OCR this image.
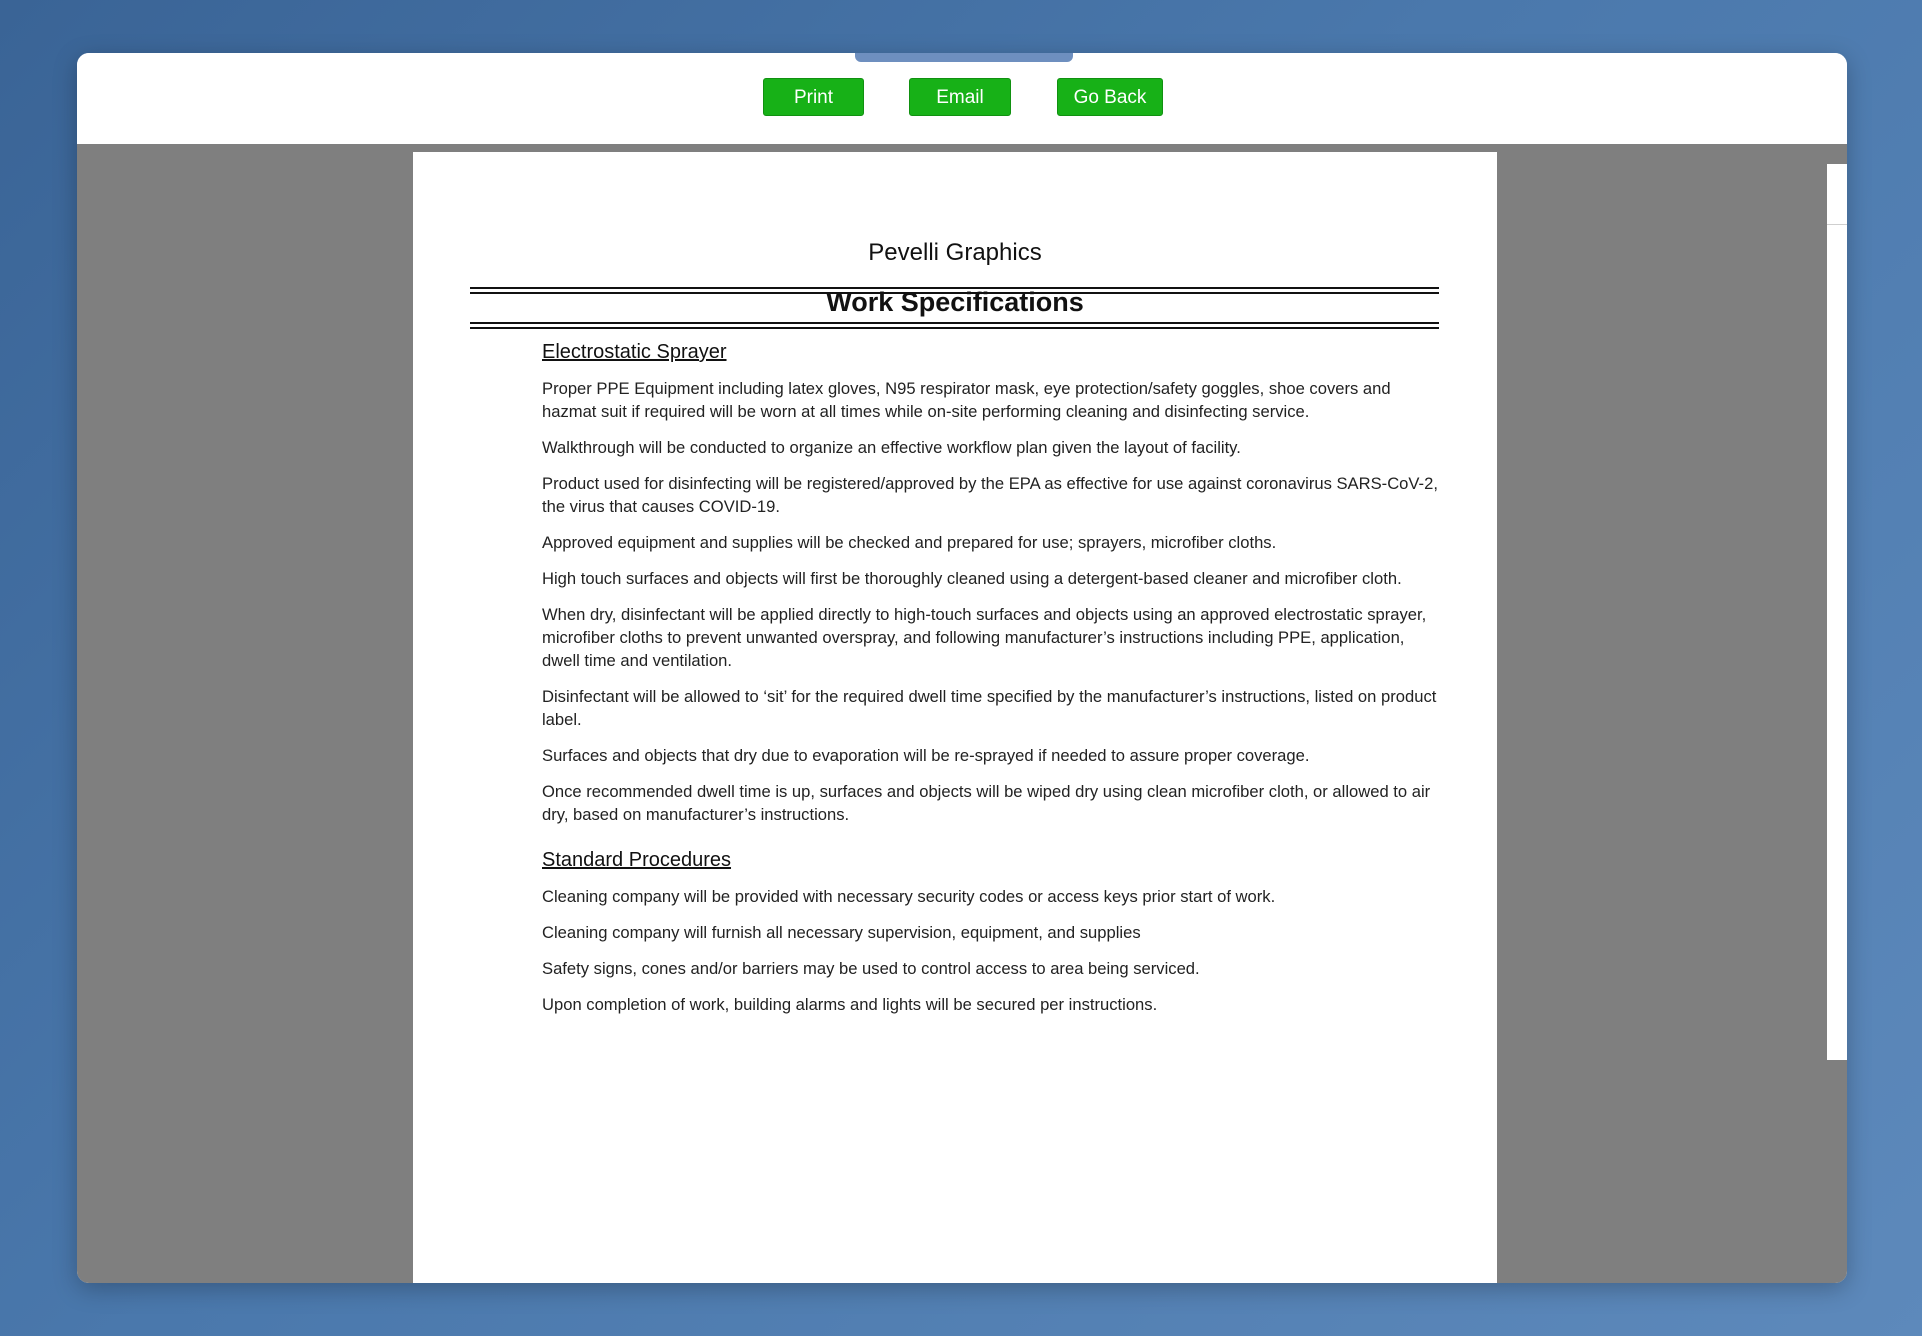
Print	Email	Go Back
Pevelli Graphics
Work Specifications
Electrostatic Sprayer

Proper PPE Equipment including latex gloves, N95 respirator mask, eye protection/safety goggles, shoe covers and hazmat suit if required will be worn at all times while on-site performing cleaning and disinfecting service.

Walkthrough will be conducted to organize an effective workflow plan given the layout of facility.

Product used for disinfecting will be registered/approved by the EPA as effective for use against coronavirus SARS-CoV-2, the virus that causes COVID-19.

Approved equipment and supplies will be checked and prepared for use; sprayers, microfiber cloths.

High touch surfaces and objects will first be thoroughly cleaned using a detergent-based cleaner and microfiber cloth.

When dry, disinfectant will be applied directly to high-touch surfaces and objects using an approved electrostatic sprayer, microfiber cloths to prevent unwanted overspray, and following manufacturer’s instructions including PPE, application, dwell time and ventilation.

Disinfectant will be allowed to ‘sit’ for the required dwell time specified by the manufacturer’s instructions, listed on product label.

Surfaces and objects that dry due to evaporation will be re-sprayed if needed to assure proper coverage.

Once recommended dwell time is up, surfaces and objects will be wiped dry using clean microfiber cloth, or allowed to air dry, based on manufacturer’s instructions.

Standard Procedures

Cleaning company will be provided with necessary security codes or access keys prior start of work.

Cleaning company will furnish all necessary supervision, equipment, and supplies

Safety signs, cones and/or barriers may be used to control access to area being serviced.

Upon completion of work, building alarms and lights will be secured per instructions.
